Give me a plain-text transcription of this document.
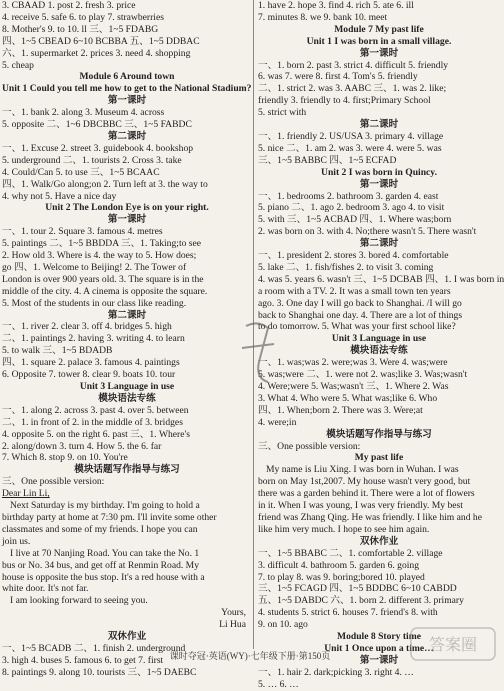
3. CBAAD 1. post 2. fresh 3. price
4. receive 5. safe 6. to play 7. strawberries
8. Mother's 9. to 10. ll 三、1~5 FDABG
四、1~5 CBEAD 6~10 BCBBA 五、1~5 DDBAC
六、1. supermarket 2. prices 3. need 4. shopping
5. cheap
Module 6 Around town
Unit 1 Could you tell me how to get to the National Stadium?
第一课时
一、1. bank 2. along 3. Museum 4. across
5. opposite 二、1~6 DBCBBC 三、1~5 FABDC
第二课时
一、1. Excuse 2. street 3. guidebook 4. bookshop
5. underground 二、1. tourists 2. Cross 3. take
4. Could/Can 5. to use 三、1~5 BCAAC
四、1. Walk/Go along;on 2. Turn left at 3. the way to
4. why not 5. Have a nice day
Unit 2 The London Eye is on your right.
第一课时
一、1. tour 2. Square 3. famous 4. metres
5. paintings 二、1~5 BBDDA 三、1. Taking;to see
2. How old 3. Where is 4. the way to 5. How does;
go 四、1. Welcome to Beijing! 2. The Tower of
London is over 900 years old. 3. The square is in the
middle of the city. 4. A cinema is opposite the square.
5. Most of the students in our class like reading.
第二课时
一、1. river 2. clear 3. off 4. bridges 5. high
二、1. paintings 2. having 3. writing 4. to learn
5. to walk 三、1~5 BDADB
四、1. square 2. palace 3. famous 4. paintings
6. Opposite 7. tower 8. clear 9. boats 10. tour
Unit 3 Language in use
模块语法专练
一、1. along 2. across 3. past 4. over 5. between
二、1. in front of 2. in the middle of 3. bridges
4. opposite 5. on the right 6. past 三、1. Where's
2. along/down 3. turn 4. How 5. the 6. far
7. Which 8. stop 9. on 10. You're
模块话题写作指导与练习
三、One possible version:
Dear Lin Li,
Next Saturday is my birthday. I'm going to hold a
birthday party at home at 7:30 pm. I'll invite some other
classmates and some of my friends. I hope you can
join us.
I live at 70 Nanjing Road. You can take the No. 1
bus or No. 34 bus, and get off at Renmin Road. My
house is opposite the bus stop. It's a red house with a
white door. It's not far.
I am looking forward to seeing you.
Yours,
Li Hua
双休作业
一、1~5 BCADB 二、1. finish 2. underground
3. high 4. buses 5. famous 6. to get 7. first
8. paintings 9. along 10. tourists 三、1~5 DAEBC
1. have 2. hope 3. find 4. rich 5. ate 6. ill
7. minutes 8. we 9. bank 10. meet
Module 7 My past life
Unit 1 I was born in a small village.
第一课时
一、1. born 2. past 3. strict 4. difficult 5. friendly
6. was 7. were 8. first 4. Tom's 5. friendly
二、1. strict 2. was 3. AABC 三、1. was 2. like;
friendly 3. friendly to 4. first;Primary School
5. strict with
第二课时
一、1. friendly 2. US/USA 3. primary 4. village
5. nice 二、1. am 2. was 3. were 4. were 5. was
三、1~5 BABBC 四、1~5 ECFAD
Unit 2 I was born in Quincy.
第一课时
一、1. bedrooms 2. bathroom 3. garden 4. east
5. piano 二、1. ago 2. bedroom 3. ago 4. to visit
5. with 三、1~5 ACBAD 四、1. Where was;born
2. was born on 3. with 4. No;there wasn't 5. There wasn't
第二课时
一、1. president 2. stores 3. bored 4. comfortable
5. lake 二、1. fish/fishes 2. to visit 3. coming
4. was 5. years 6. wasn't 三、1~5 DCBAB 四、1. I was born in
a room with a TV. 2. It was a small town ten years
ago. 3. One day I will go back to Shanghai. /I will go
back to Shanghai one day. 4. There are a lot of things
to do tomorrow. 5. What was your first school like?
Unit 3 Language in use
模块语法专练
一、1. was;was 2. were;was 3. Were 4. was;were
5. was;were 二、1. were not 2. was;like 3. Was;wasn't
4. Were;were 5. Was;wasn't 三、1. Where 2. Was
3. What 4. Who were 5. What was;like 6. Who
四、1. When;born 2. There was 3. Were;at
4. were;in
模块话题写作指导与练习
三、One possible version:
My past life
My name is Liu Xing. I was born in Wuhan. I was
born on May 1st,2007. My house wasn't very good, but
there was a garden behind it. There were a lot of flowers
in it. When I was young, I was very friendly. My best
friend was Zhang Qing. He was friendly. I like him and he
like him very much. I hope to see him again.
双休作业
一、1~5 BBABC 二、1. comfortable 2. village
3. difficult 4. bathroom 5. garden 6. going
7. to play 8. was 9. boring;bored 10. played
三、1~5 FCAGD 四、1~5 BDDBC 6~10 CABDD
五、1~5 DABDC 六、1. born 2. different 3. primary
4. students 5. strict 6. houses 7. friend's 8. with
9. on 10. ago
Module 8 Story time
Unit 1 Once upon a time…
第一课时
一、1. hair 2. dark;picking 3. right 4. …
5. … 6. …
课时夺冠·英语(WY)·七年级下册·第150页
答案圈
